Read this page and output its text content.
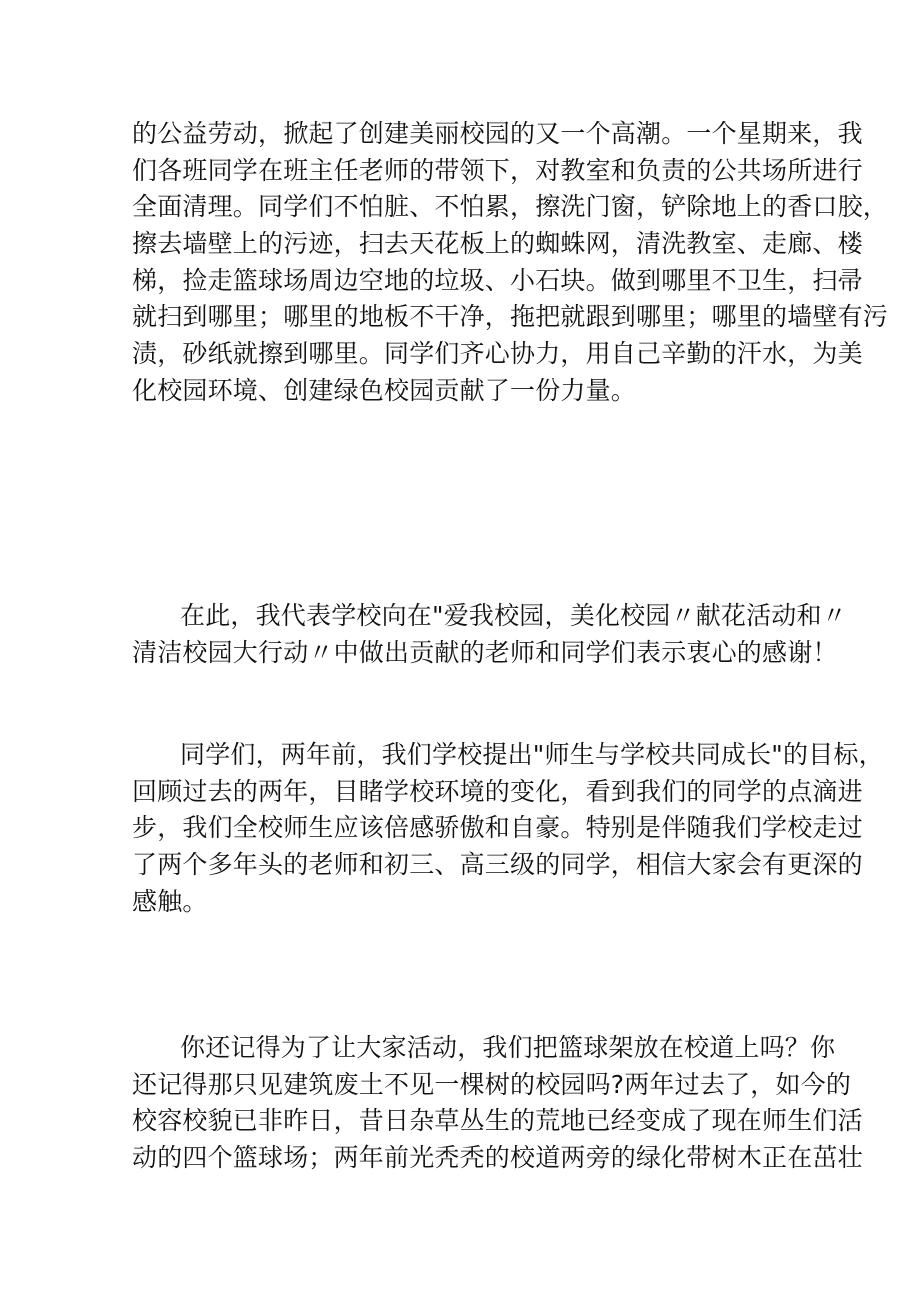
的公益劳动，掀起了创建美丽校园的又一个高潮。一个星期来，我
们各班同学在班主任老师的带领下，对教室和负责的公共场所进行
全面清理。同学们不怕脏、不怕累，擦洗门窗，铲除地上的香口胶，
擦去墙壁上的污迹，扫去天花板上的蜘蛛网，清洗教室、走廊、楼
梯，捡走篮球场周边空地的垃圾、小石块。做到哪里不卫生，扫帚
就扫到哪里；哪里的地板不干净，拖把就跟到哪里；哪里的墙壁有污
渍，砂纸就擦到哪里。同学们齐心协力，用自己辛勤的汗水，为美
化校园环境、创建绿色校园贡献了一份力量。
在此，我代表学校向在"爱我校园，美化校园〃献花活动和〃
清洁校园大行动〃中做出贡献的老师和同学们表示衷心的感谢！
同学们，两年前，我们学校提出"师生与学校共同成长"的目标，
回顾过去的两年，目睹学校环境的变化，看到我们的同学的点滴进
步，我们全校师生应该倍感骄傲和自豪。特别是伴随我们学校走过
了两个多年头的老师和初三、高三级的同学，相信大家会有更深的
感触。
你还记得为了让大家活动，我们把篮球架放在校道上吗？你
还记得那只见建筑废土不见一棵树的校园吗?两年过去了，如今的
校容校貌已非昨日，昔日杂草丛生的荒地已经变成了现在师生们活
动的四个篮球场；两年前光秃秃的校道两旁的绿化带树木正在茁壮
